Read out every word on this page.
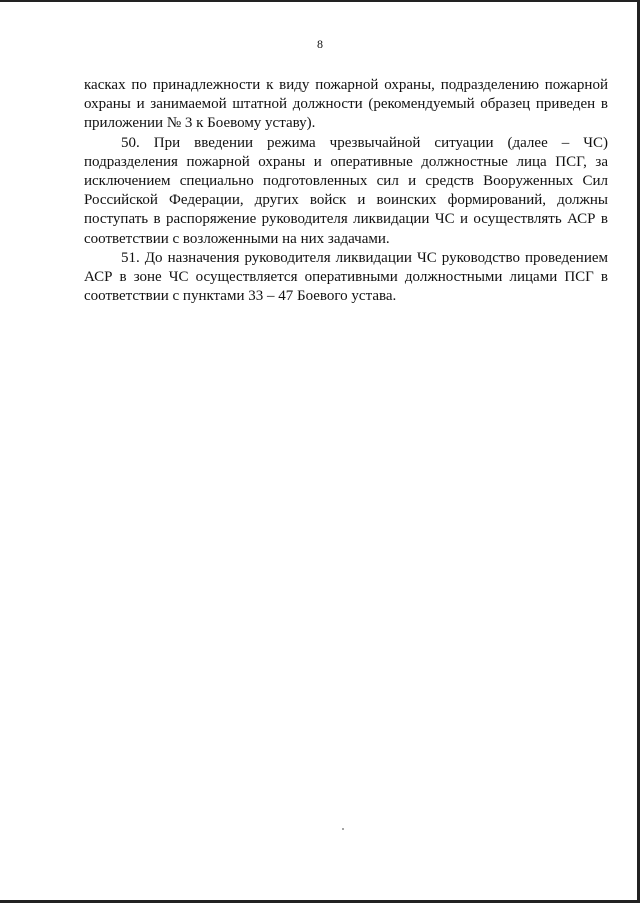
8

касках по принадлежности к виду пожарной охраны, подразделению пожарной охраны и занимаемой штатной должности (рекомендуемый образец приведен в приложении № 3 к Боевому уставу).

50. При введении режима чрезвычайной ситуации (далее – ЧС) подразделения пожарной охраны и оперативные должностные лица ПСГ, за исключением специально подготовленных сил и средств Вооруженных Сил Российской Федерации, других войск и воинских формирований, должны поступать в распоряжение руководителя ликвидации ЧС и осуществлять АСР в соответствии с возложенными на них задачами.

51. До назначения руководителя ликвидации ЧС руководство проведением АСР в зоне ЧС осуществляется оперативными должностными лицами ПСГ в соответствии с пунктами 33 – 47 Боевого устава.
